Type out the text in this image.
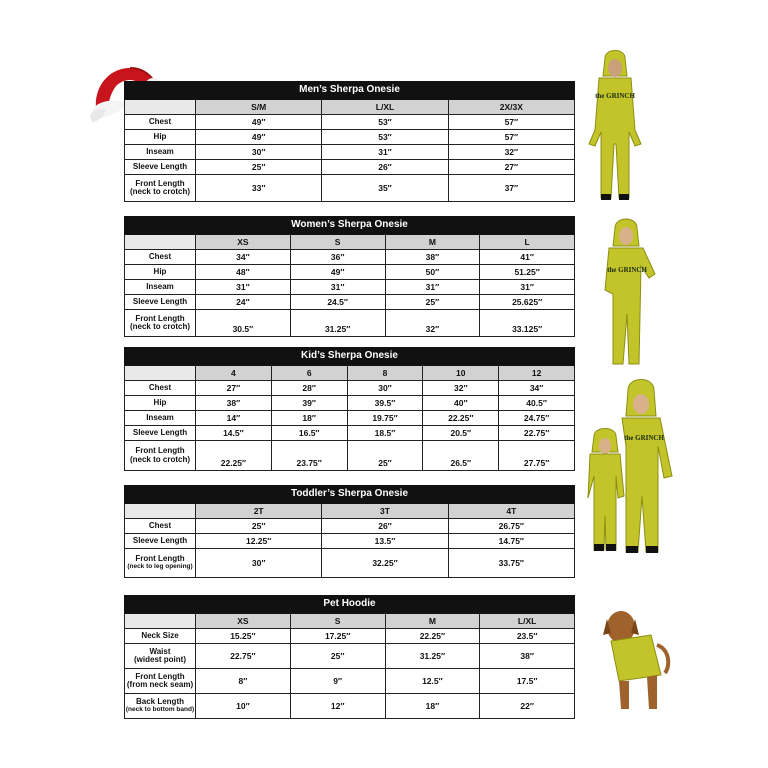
Men’s Sherpa Onesie			
	S/M	L/XL	2X/3X
Chest	49″	53″	57″
Hip	49″	53″	57″
Inseam	30″	31″	32″
Sleeve Length	25″	26″	27″
Front Length
(neck to crotch)	33″	35″	37″
Women’s Sherpa Onesie				
	XS	S	M	L
Chest	34″	36″	38″	41″
Hip	48″	49″	50″	51.25″
Inseam	31″	31″	31″	31″
Sleeve Length	24″	24.5″	25″	25.625″
Front Length
(neck to crotch)	30.5″	31.25″	32″	33.125″
Kid’s Sherpa Onesie					
	4	6	8	10	12
Chest	27″	28″	30″	32″	34″
Hip	38″	39″	39.5″	40″	40.5″
Inseam	14″	18″	19.75″	22.25″	24.75″
Sleeve Length	14.5″	16.5″	18.5″	20.5″	22.75″
Front Length
(neck to crotch)	22.25″	23.75″	25″	26.5″	27.75″
Toddler’s Sherpa Onesie			
	2T	3T	4T
Chest	25″	26″	26.75″
Sleeve Length	12.25″	13.5″	14.75″
Front Length

(neck to leg opening)	30″	32.25″	33.75″
Pet Hoodie				
	XS	S	M	L/XL
Neck Size	15.25″	17.25″	22.25″	23.5″
Waist
(widest point)	22.75″	25″	31.25″	38″
Front Length
(from neck seam)	8″	9″	12.5″	17.5″
Back Length

(neck to bottom band)	10″	12″	18″	22″
the GRINCH
the GRINCH
the GRINCH
